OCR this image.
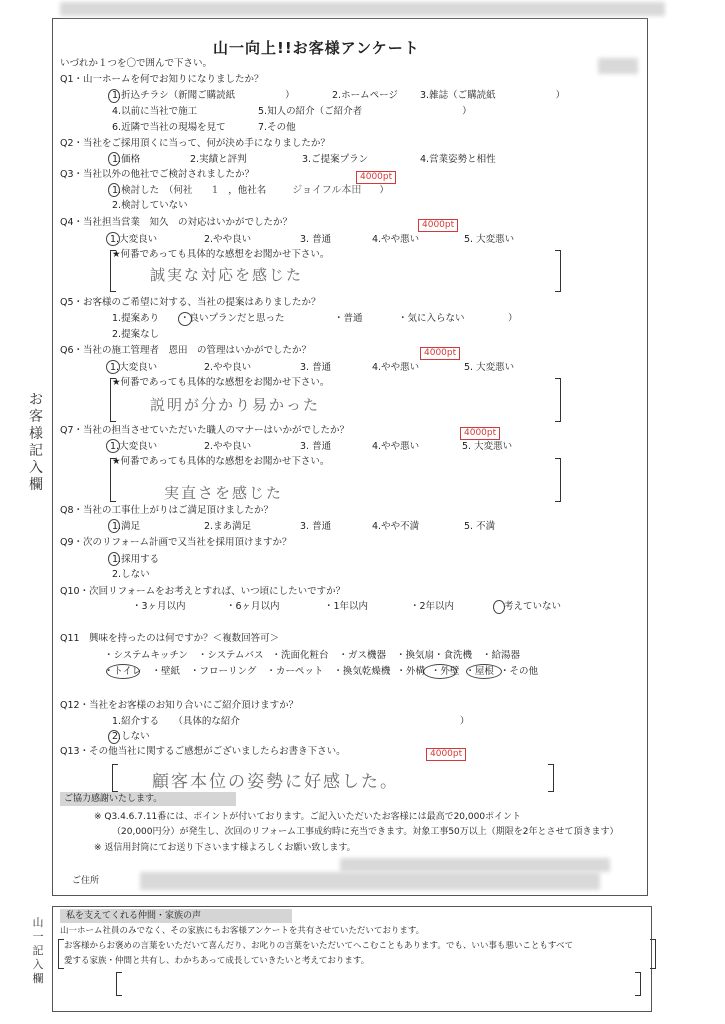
山一向上!!お客様アンケート
いづれか１つを〇で囲んで下さい。
お
客
様
記
入
欄

Q1・山一ホームを何でお知りになりましたか？
1.折込チラシ（新聞ご購読紙	）	2.ホームページ 3.雑誌（ご購読紙	）
4.以前に当社で施工	5.知人の紹介（ご紹介者	）
6.近隣で当社の現場を見て	7.その他
Q2・当社をご採用頂くに当って、何が決め手になりましたか？
1.価格	2.実績と評判	3.ご提案プラン	4.営業姿勢と相性
Q3・当社以外の他社でご検討されましたか？	4000pt
1.検討した　（何社　1 ，他社名	ジョイフル本田 ）
2.検討していない
Q4・当社担当営業　知久　の対応はいかがでしたか？	4000pt
1.大変良い	2.やや良い	3. 普通	4.やや悪い	5. 大変悪い
★何番であっても具体的な感想をお聞かせ下さい。
誠実な対応を感じた
Q5・お客様のご希望に対する、当社の提案はありましたか？
1.提案あり ・良いプランだと思った	・普通	・気に入らない	）
2.提案なし
Q6・当社の施工管理者　恩田　の管理はいかがでしたか？	4000pt
1.大変良い	2.やや良い	3. 普通	4.やや悪い	5. 大変悪い
★何番であっても具体的な感想をお聞かせ下さい。
説明が分かり易かった
Q7・当社の担当させていただいた職人のマナーはいかがでしたか？	4000pt
1.大変良い	2.やや良い	3. 普通	4.やや悪い	5. 大変悪い
★何番であっても具体的な感想をお聞かせ下さい。
実直さを感じた
Q8・当社の工事仕上がりはご満足頂けましたか？
1.満足	2.まあ満足	3. 普通	4.やや不満	5. 不満
Q9・次のリフォーム計画で又当社を採用頂けますか？
1.採用する
2.しない
Q10・次回リフォームをお考えとすれば、いつ頃にしたいですか？
・3ヶ月以内	・6ヶ月以内	・1年以内	・2年以内	考えていない
Q11　興味を持ったのは何ですか？＜複数回答可＞
・システムキッチン ・システムバス ・洗面化粧台 ・ガス機器 ・換気扇・食洗機 ・給湯器
・トイレ ・壁紙 ・フローリング ・カーペット ・換気乾燥機 ・外構 ・外壁 ・屋根 ・その他
Q12・当社をお客様のお知り合いにご紹介頂けますか？
1.紹介する　　（具体的な紹介	）
2.しない
Q13・その他当社に関するご感想がございましたらお書き下さい。	4000pt
顧客本位の姿勢に好感した。
ご協力感謝いたします。
※ Q3.4.6.7.11番には、ポイントが付いております。ご記入いただいたお客様には最高で20,000ポイント
（20,000円分）が発生し、次回のリフォーム工事成約時に充当できます。対象工事50万以上（期限を2年とさせて頂きます）
※ 返信用封筒にてお送り下さいます様よろしくお願い致します。
ご住所
山
一
記
入
欄

私を支えてくれる仲間・家族の声
山一ホーム社員のみでなく、その家族にもお客様アンケートを共有させていただいております。
お客様からお褒めの言葉をいただいて喜んだり、お叱りの言葉をいただいてへこむこともあります。でも、いい事も悪いこともすべて
愛する家族・仲間と共有し、わかちあって成長していきたいと考えております。
